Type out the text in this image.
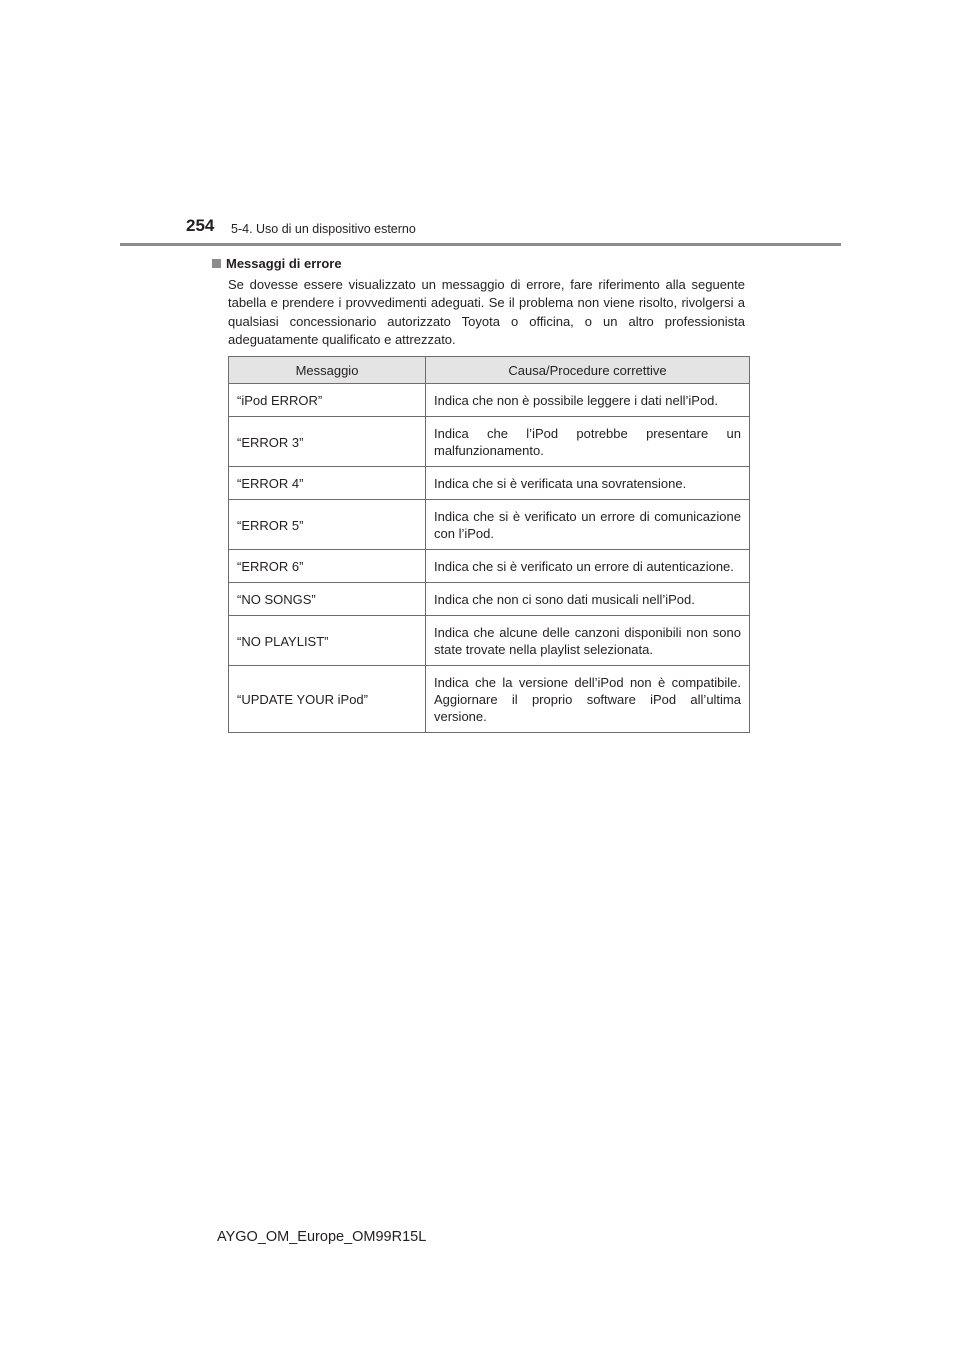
254 5-4. Uso di un dispositivo esterno
Messaggi di errore
Se dovesse essere visualizzato un messaggio di errore, fare riferimento alla seguente tabella e prendere i provvedimenti adeguati. Se il problema non viene risolto, rivolgersi a qualsiasi concessionario autorizzato Toyota o officina, o un altro professionista adeguatamente qualificato e attrezzato.
Messaggio	Causa/Procedure correttive
“iPod ERROR”	Indica che non è possibile leggere i dati nell’iPod.
“ERROR 3”	Indica che l’iPod potrebbe presentare un malfunzionamento.
“ERROR 4”	Indica che si è verificata una sovratensione.
“ERROR 5”	Indica che si è verificato un errore di comunicazione con l’iPod.
“ERROR 6”	Indica che si è verificato un errore di autenticazione.
“NO SONGS”	Indica che non ci sono dati musicali nell’iPod.
“NO PLAYLIST”	Indica che alcune delle canzoni disponibili non sono state trovate nella playlist selezionata.
“UPDATE YOUR iPod”	Indica che la versione dell’iPod non è compatibile. Aggiornare il proprio software iPod all’ultima versione.
AYGO_OM_Europe_OM99R15L
